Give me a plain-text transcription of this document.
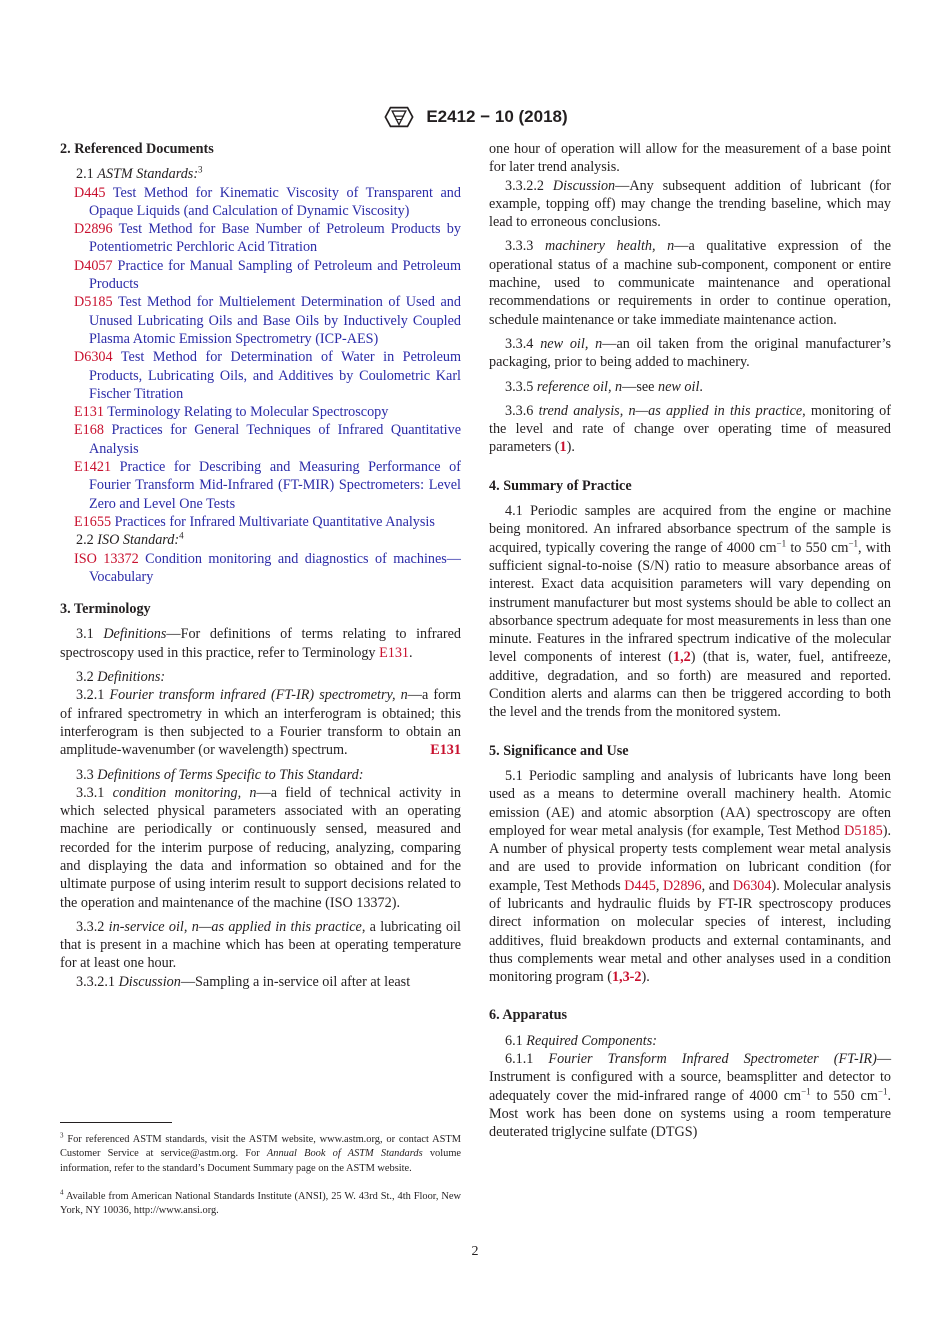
E2412 − 10 (2018)
2. Referenced Documents

2.1 ASTM Standards:$^3$

D445 Test Method for Kinematic Viscosity of Transparent and Opaque Liquids (and Calculation of Dynamic Viscosity)

D2896 Test Method for Base Number of Petroleum Products by Potentiometric Perchloric Acid Titration

D4057 Practice for Manual Sampling of Petroleum and Petroleum Products

D5185 Test Method for Multielement Determination of Used and Unused Lubricating Oils and Base Oils by Inductively Coupled Plasma Atomic Emission Spectrometry (ICP-AES)

D6304 Test Method for Determination of Water in Petroleum Products, Lubricating Oils, and Additives by Coulometric Karl Fischer Titration

E131 Terminology Relating to Molecular Spectroscopy

E168 Practices for General Techniques of Infrared Quantitative Analysis

E1421 Practice for Describing and Measuring Performance of Fourier Transform Mid-Infrared (FT-MIR) Spectrometers: Level Zero and Level One Tests

E1655 Practices for Infrared Multivariate Quantitative Analysis

2.2 ISO Standard:$^4$

ISO 13372 Condition monitoring and diagnostics of machines—Vocabulary

3. Terminology

3.1 Definitions—For definitions of terms relating to infrared spectroscopy used in this practice, refer to Terminology E131.

3.2 Definitions:

3.2.1 Fourier transform infrared (FT-IR) spectrometry, n—a form of infrared spectrometry in which an interferogram is obtained; this interferogram is then subjected to a Fourier transform to obtain an amplitude-wavenumber (or wavelength) spectrum.	E131

3.3 Definitions of Terms Specific to This Standard:

3.3.1 condition monitoring, n—a field of technical activity in which selected physical parameters associated with an operating machine are periodically or continuously sensed, measured and recorded for the interim purpose of reducing, analyzing, comparing and displaying the data and information so obtained and for the ultimate purpose of using interim result to support decisions related to the operation and maintenance of the machine (ISO 13372).

3.3.2 in-service oil, n—as applied in this practice, a lubricating oil that is present in a machine which has been at operating temperature for at least one hour.

3.3.2.1 Discussion—Sampling a in-service oil after at least

$^3$ For referenced ASTM standards, visit the ASTM website, www.astm.org, or contact ASTM Customer Service at service@astm.org. For Annual Book of ASTM Standards volume information, refer to the standard’s Document Summary page on the ASTM website.

$^4$ Available from American National Standards Institute (ANSI), 25 W. 43rd St., 4th Floor, New York, NY 10036, http://www.ansi.org.

one hour of operation will allow for the measurement of a base point for later trend analysis.

3.3.2.2 Discussion—Any subsequent addition of lubricant (for example, topping off) may change the trending baseline, which may lead to erroneous conclusions.

3.3.3 machinery health, n—a qualitative expression of the operational status of a machine sub-component, component or entire machine, used to communicate maintenance and operational recommendations or requirements in order to continue operation, schedule maintenance or take immediate maintenance action.

3.3.4 new oil, n—an oil taken from the original manufacturer’s packaging, prior to being added to machinery.

3.3.5 reference oil, n—see new oil.

3.3.6 trend analysis, n—as applied in this practice, monitoring of the level and rate of change over operating time of measured parameters (1).

4. Summary of Practice

4.1 Periodic samples are acquired from the engine or machine being monitored. An infrared absorbance spectrum of the sample is acquired, typically covering the range of 4000 $cm^{-1}$ to 550 $cm^{-1}$, with sufficient signal-to-noise (S/N) ratio to measure absorbance areas of interest. Exact data acquisition parameters will vary depending on instrument manufacturer but most systems should be able to collect an absorbance spectrum adequate for most measurements in less than one minute. Features in the infrared spectrum indicative of the molecular level components of interest (1,2) (that is, water, fuel, antifreeze, additive, degradation, and so forth) are measured and reported. Condition alerts and alarms can then be triggered according to both the level and the trends from the monitored system.

5. Significance and Use

5.1 Periodic sampling and analysis of lubricants have long been used as a means to determine overall machinery health. Atomic emission (AE) and atomic absorption (AA) spectroscopy are often employed for wear metal analysis (for example, Test Method D5185). A number of physical property tests complement wear metal analysis and are used to provide information on lubricant condition (for example, Test Methods D445, D2896, and D6304). Molecular analysis of lubricants and hydraulic fluids by FT-IR spectroscopy produces direct information on molecular species of interest, including additives, fluid breakdown products and external contaminants, and thus complements wear metal and other analyses used in a condition monitoring program (1,3-2).

6. Apparatus

6.1 Required Components:

6.1.1 Fourier Transform Infrared Spectrometer (FT-IR)—Instrument is configured with a source, beamsplitter and detector to adequately cover the mid-infrared range of 4000 $cm^{-1}$ to 550 $cm^{-1}$. Most work has been done on systems using a room temperature deuterated triglycine sulfate (DTGS)

2
